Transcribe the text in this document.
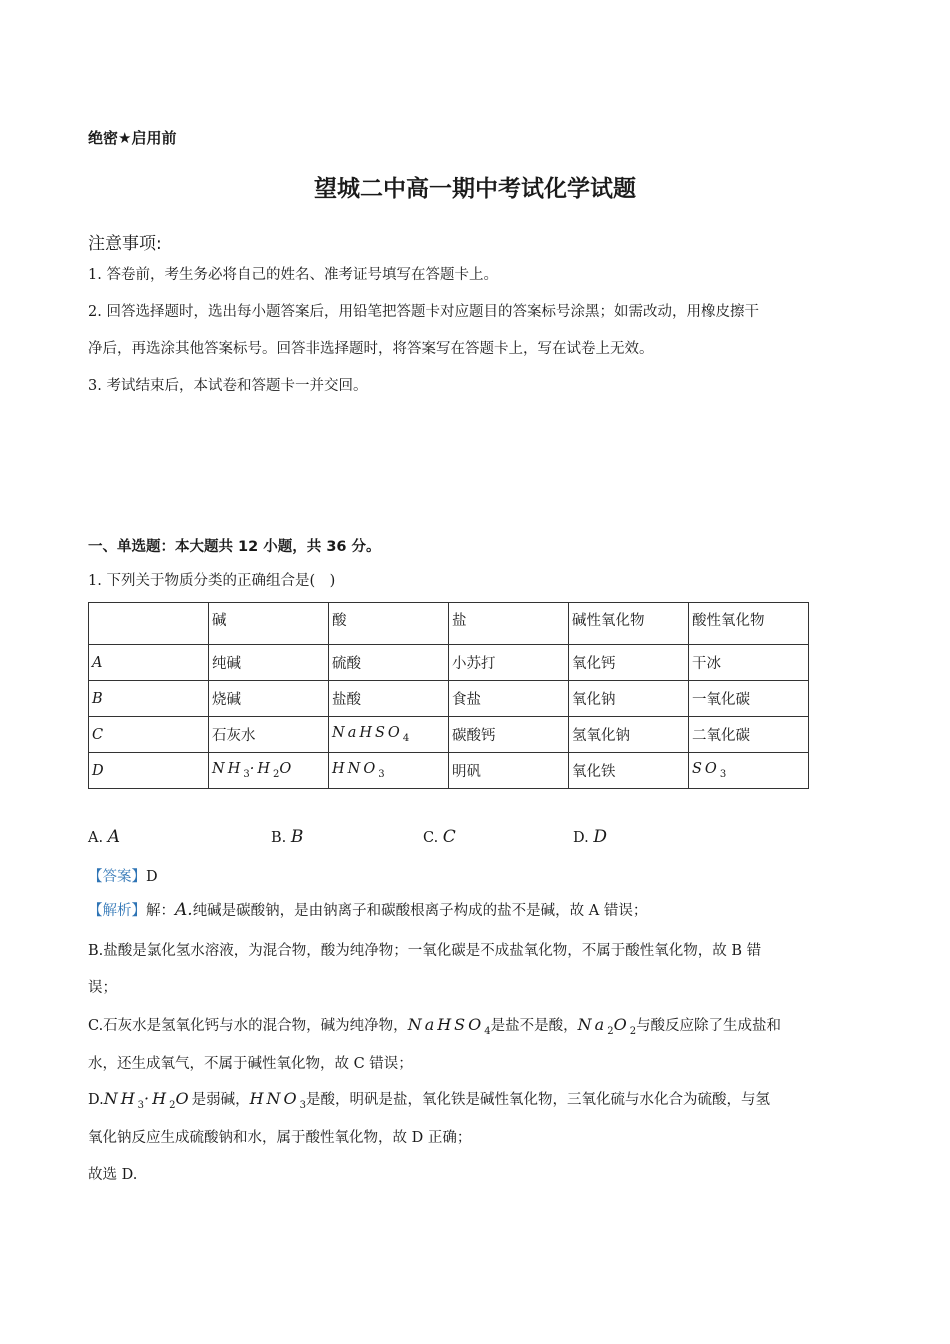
绝密★启用前
望城二中高一期中考试化学试题
注意事项:
1. 答卷前，考生务必将自己的姓名、准考证号填写在答题卡上。
2. 回答选择题时，选出每小题答案后，用铅笔把答题卡对应题目的答案标号涂黑；如需改动，用橡皮擦干
净后，再选涂其他答案标号。回答非选择题时，将答案写在答题卡上，写在试卷上无效。
3. 考试结束后，本试卷和答题卡一并交回。
一、单选题：本大题共 12 小题，共 36 分。
1. 下列关于物质分类的正确组合是(　)
	碱	酸	盐	碱性氧化物	酸性氧化物
A	纯碱	硫酸	小苏打	氧化钙	干冰
B	烧碱	盐酸	食盐	氧化钠	一氧化碳
C	石灰水	NaHSO$_4$	碳酸钙	氢氧化钠	二氧化碳
D	$NH_3\cdot H_2O$	$HNO_3$	明矾	氧化铁	$SO_3$
A. A	B. B	C. C	D. D
【答案】D
【解析】解：A.纯碱是碳酸钠，是由钠离子和碳酸根离子构成的盐不是碱，故 A 错误；
B.盐酸是氯化氢水溶液，为混合物，酸为纯净物；一氧化碳是不成盐氧化物，不属于酸性氧化物，故 B 错
误；
C.石灰水是氢氧化钙与水的混合物，碱为纯净物，NaHSO$_4$是盐不是酸，$Na_2O_2$与酸反应除了生成盐和
水，还生成氧气，不属于碱性氧化物，故 C 错误；
$D.NH_3\cdot H_2O$是弱碱，$HNO_3$是酸，明矾是盐，氧化铁是碱性氧化物，三氧化硫与水化合为硫酸，与氢
氧化钠反应生成硫酸钠和水，属于酸性氧化物，故 D 正确；
故选 D.
